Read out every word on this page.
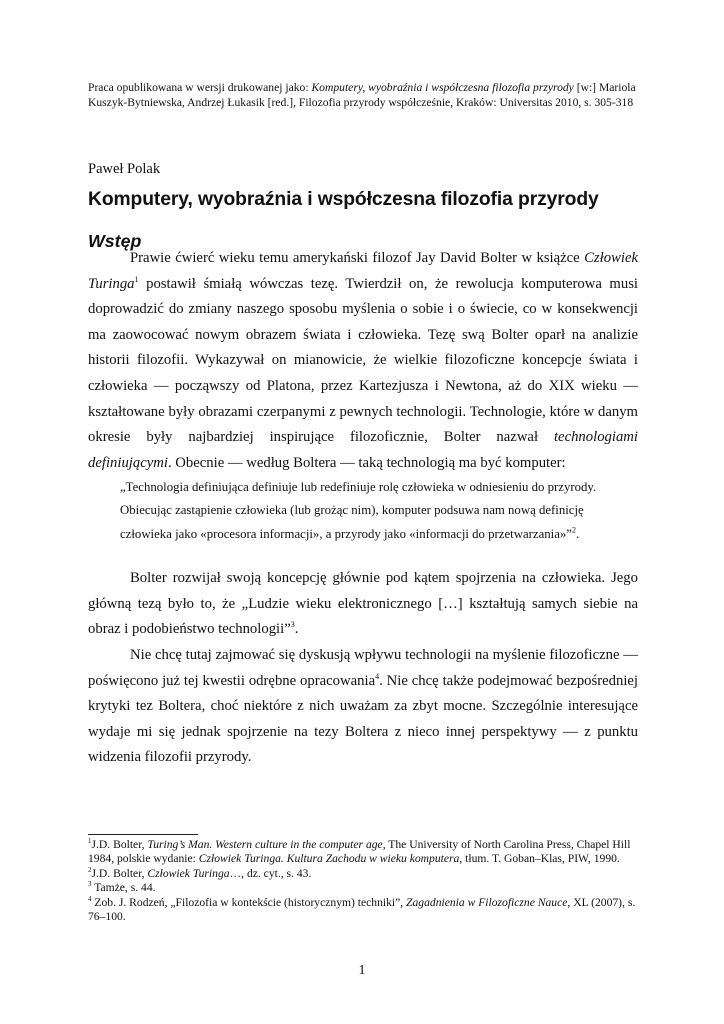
Praca opublikowana w wersji drukowanej jako: Komputery, wyobraźnia i współczesna filozofia przyrody [w:] Mariola Kuszyk-Bytniewska, Andrzej Łukasik [red.], Filozofia przyrody współcześnie, Kraków: Universitas 2010, s. 305-318
Paweł Polak
Komputery, wyobraźnia i współczesna filozofia przyrody
Wstęp

Prawie ćwierć wieku temu amerykański filozof Jay David Bolter w książce Człowiek Turinga$^1$ postawił śmiałą wówczas tezę. Twierdził on, że rewolucja komputerowa musi doprowadzić do zmiany naszego sposobu myślenia o sobie i o świecie, co w konsekwencji ma zaowocować nowym obrazem świata i człowieka. Tezę swą Bolter oparł na analizie historii filozofii. Wykazywał on mianowicie, że wielkie filozoficzne koncepcje świata i człowieka — począwszy od Platona, przez Kartezjusza i Newtona, aż do XIX wieku — kształtowane były obrazami czerpanymi z pewnych technologii. Technologie, które w danym okresie były najbardziej inspirujące filozoficznie, Bolter nazwał technologiami definiującymi. Obecnie — według Boltera — taką technologią ma być komputer:

„Technologia definiująca definiuje lub redefiniuje rolę człowieka w odniesieniu do przyrody. Obiecując zastąpienie człowieka (lub grożąc nim), komputer podsuwa nam nową definicję człowieka jako «procesora informacji», a przyrody jako «informacji do przetwarzania»”$^2$.

Bolter rozwijał swoją koncepcję głównie pod kątem spojrzenia na człowieka. Jego główną tezą było to, że „Ludzie wieku elektronicznego […] kształtują samych siebie na obraz i podobieństwo technologii”$^3$.

Nie chcę tutaj zajmować się dyskusją wpływu technologii na myślenie filozoficzne — poświęcono już tej kwestii odrębne opracowania$^4$. Nie chcę także podejmować bezpośredniej krytyki tez Boltera, choć niektóre z nich uważam za zbyt mocne. Szczególnie interesujące wydaje mi się jednak spojrzenie na tezy Boltera z nieco innej perspektywy — z punktu widzenia filozofii przyrody.

$^1$J.D. Bolter, Turing’s Man. Western culture in the computer age, The University of North Carolina Press, Chapel Hill 1984, polskie wydanie: Człowiek Turinga. Kultura Zachodu w wieku komputera, tłum. T. Goban–Klas, PIW, 1990.

$^2$J.D. Bolter, Człowiek Turinga…, dz. cyt., s. 43.

$^3$ Tamże, s. 44.

$^4$ Zob. J. Rodzeń, „Filozofia w kontekście (historycznym) techniki”, Zagadnienia w Filozoficzne Nauce, XL (2007), s. 76–100.

1
